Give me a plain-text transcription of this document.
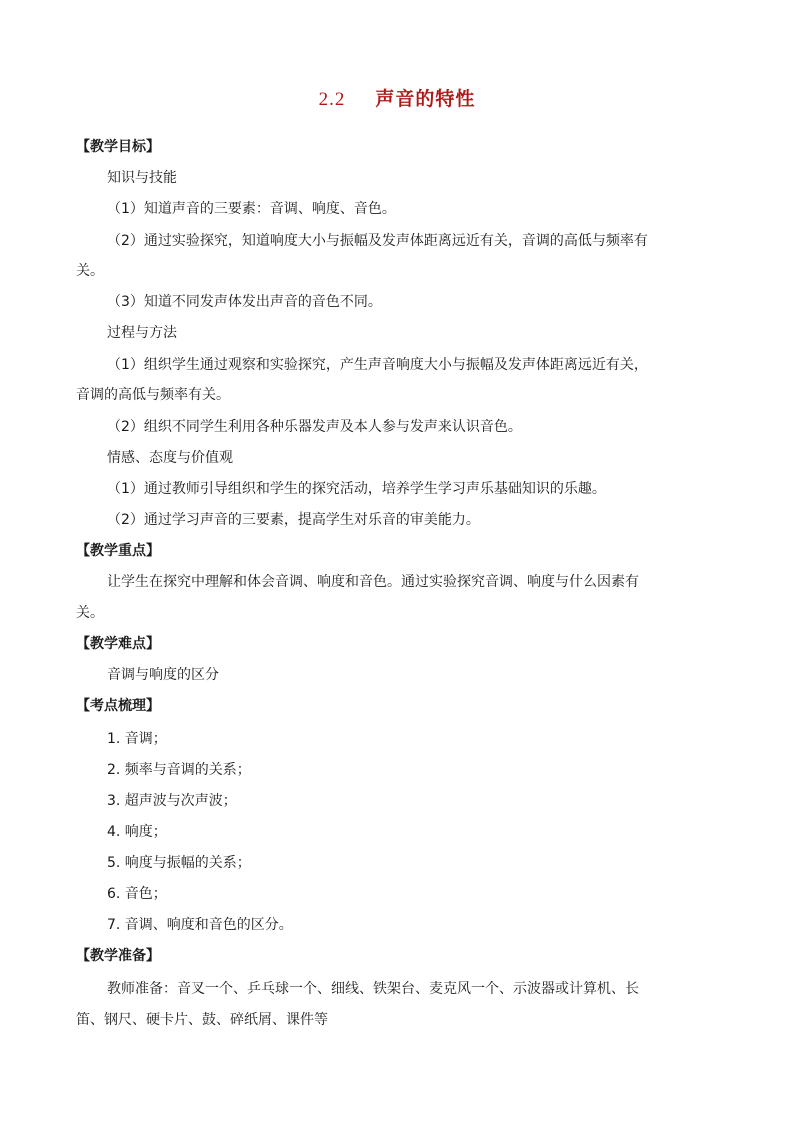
2.2 声音的特性
【教学目标】
知识与技能
（1）知道声音的三要素：音调、响度、音色。
（2）通过实验探究，知道响度大小与振幅及发声体距离远近有关，音调的高低与频率有
关。
（3）知道不同发声体发出声音的音色不同。
过程与方法
（1）组织学生通过观察和实验探究，产生声音响度大小与振幅及发声体距离远近有关，
音调的高低与频率有关。
（2）组织不同学生利用各种乐器发声及本人参与发声来认识音色。
情感、态度与价值观
（1）通过教师引导组织和学生的探究活动，培养学生学习声乐基础知识的乐趣。
（2）通过学习声音的三要素，提高学生对乐音的审美能力。
【教学重点】
让学生在探究中理解和体会音调、响度和音色。通过实验探究音调、响度与什么因素有
关。
【教学难点】
音调与响度的区分
【考点梳理】
1. 音调；
2. 频率与音调的关系；
3. 超声波与次声波；
4. 响度；
5. 响度与振幅的关系；
6. 音色；
7. 音调、响度和音色的区分。
【教学准备】
教师准备：音叉一个、乒乓球一个、细线、铁架台、麦克风一个、示波器或计算机、长
笛、钢尺、硬卡片、鼓、碎纸屑、课件等
